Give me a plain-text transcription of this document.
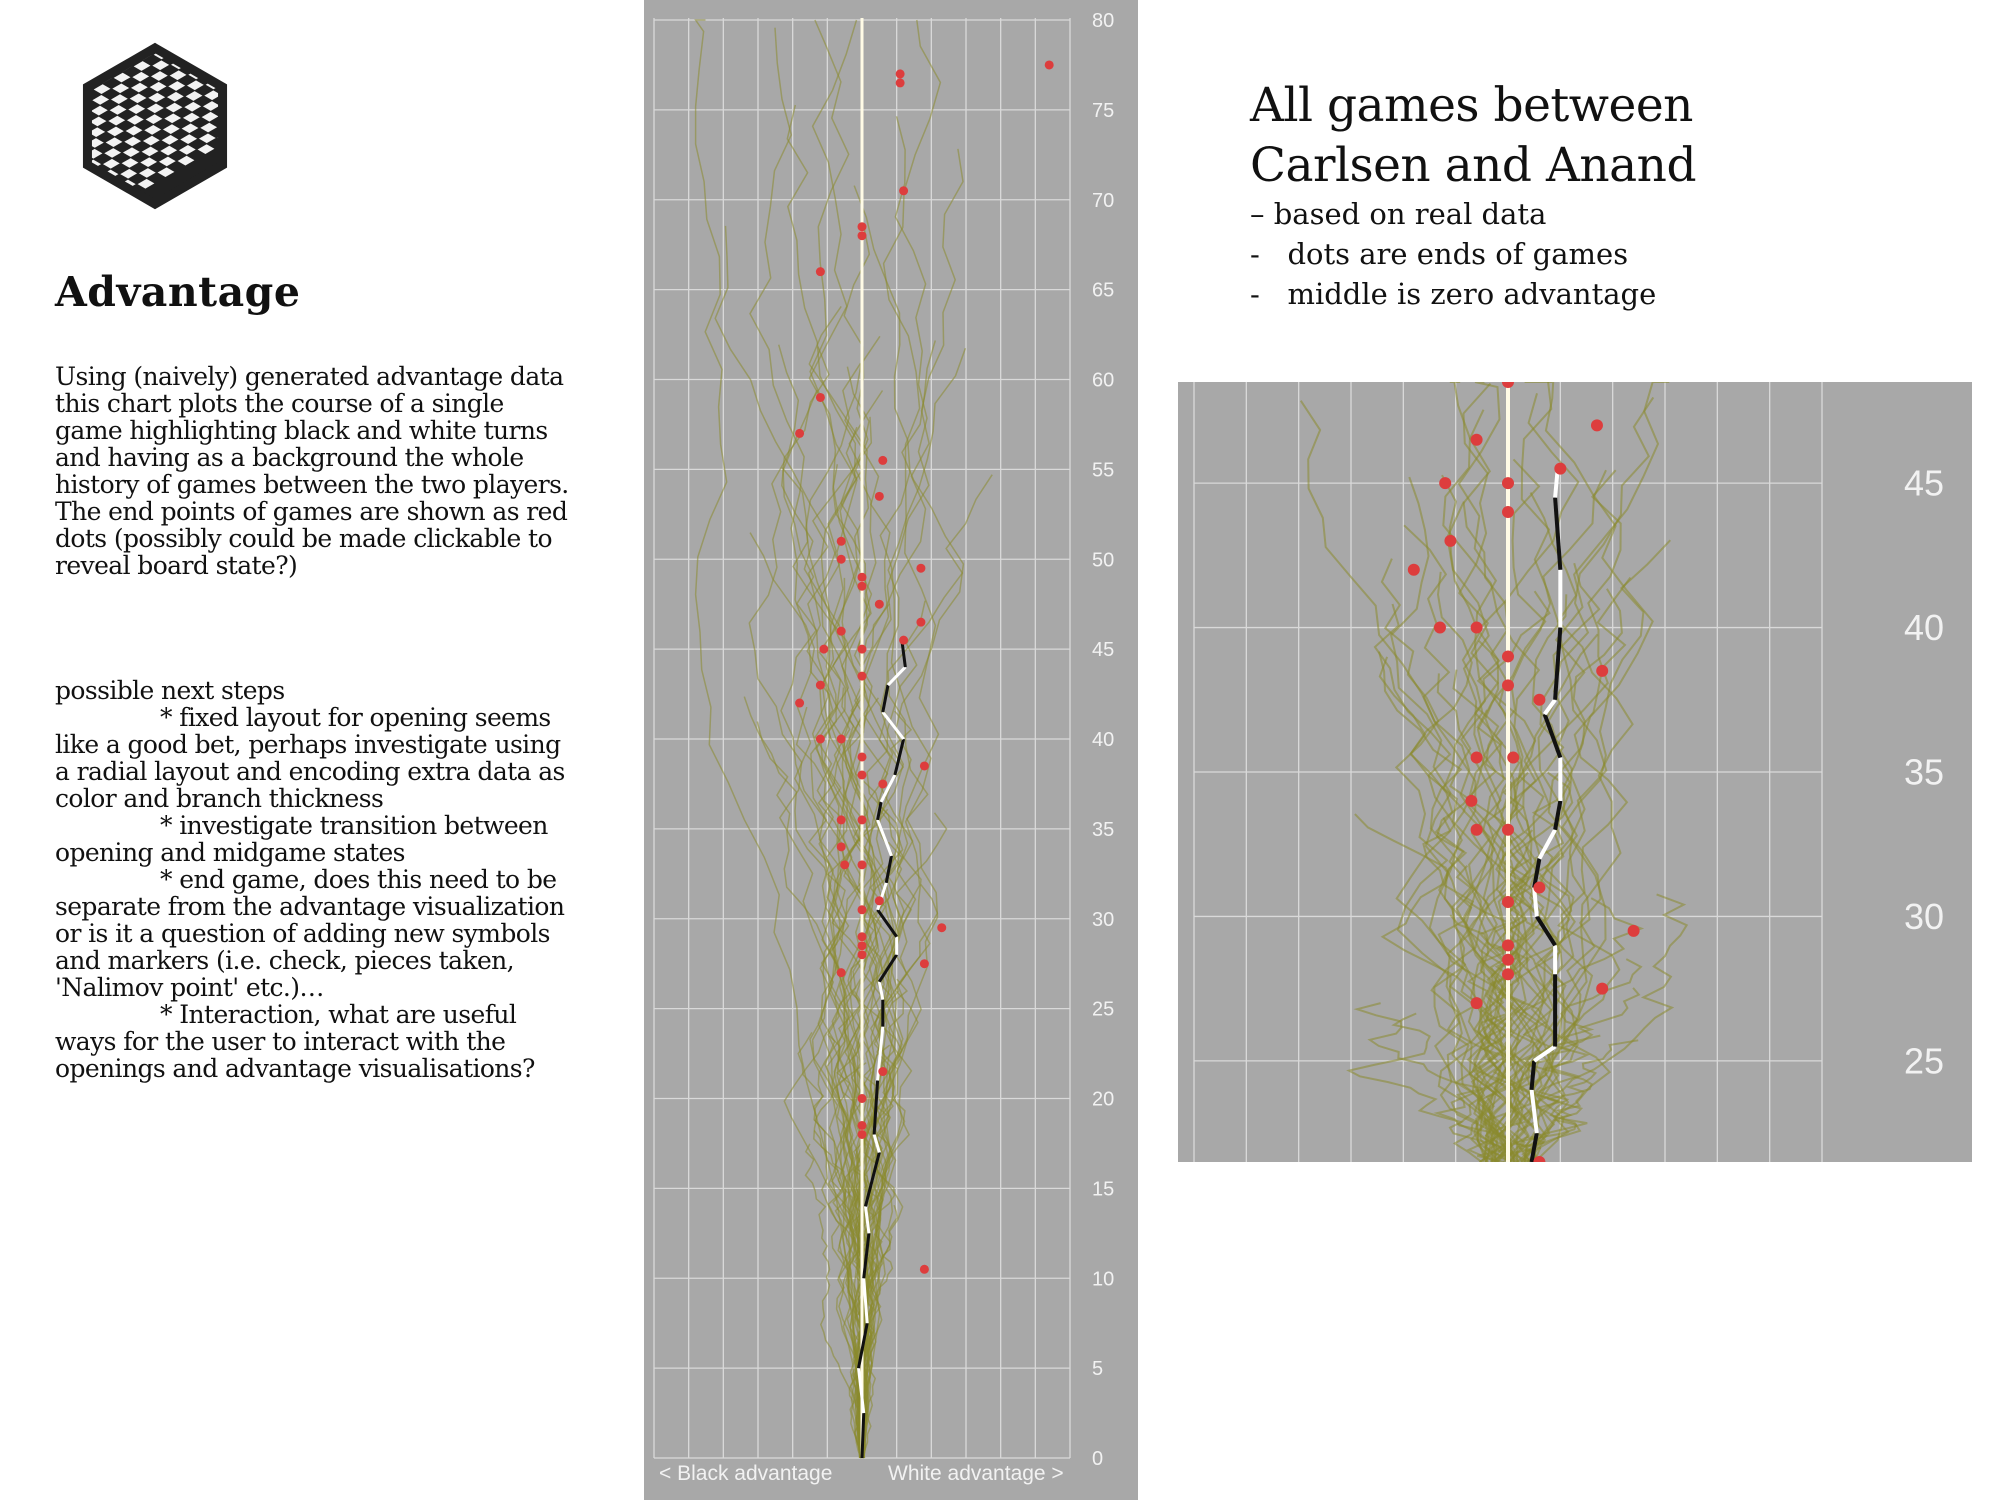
Advantage

Using (naively) generated advantage data this chart plots the course of a single game highlighting black and white turns and having as a background the whole history of games between the two players. The end points of games are shown as red dots (possibly could be made clickable to reveal board state?)

possible next steps

* fixed layout for opening seems like a good bet, perhaps investigate using a radial layout and encoding extra data as color and branch thickness

* investigate transition between opening and midgame states

* end game, does this need to be separate from the advantage visualization or is it a question of adding new symbols and markers (i.e. check, pieces taken, 'Nalimov point' etc.)…

* Interaction, what are useful ways for the user to interact with the openings and advantage visualisations?

0
5
10
15
20
25
30
35
40
45
50
55
60
65
70
75
80
< Black advantage	White advantage >
All games between
Carlsen and Anand
– based on real data
-   dots are ends of games
-   middle is zero advantage
25
30
35
40
45
